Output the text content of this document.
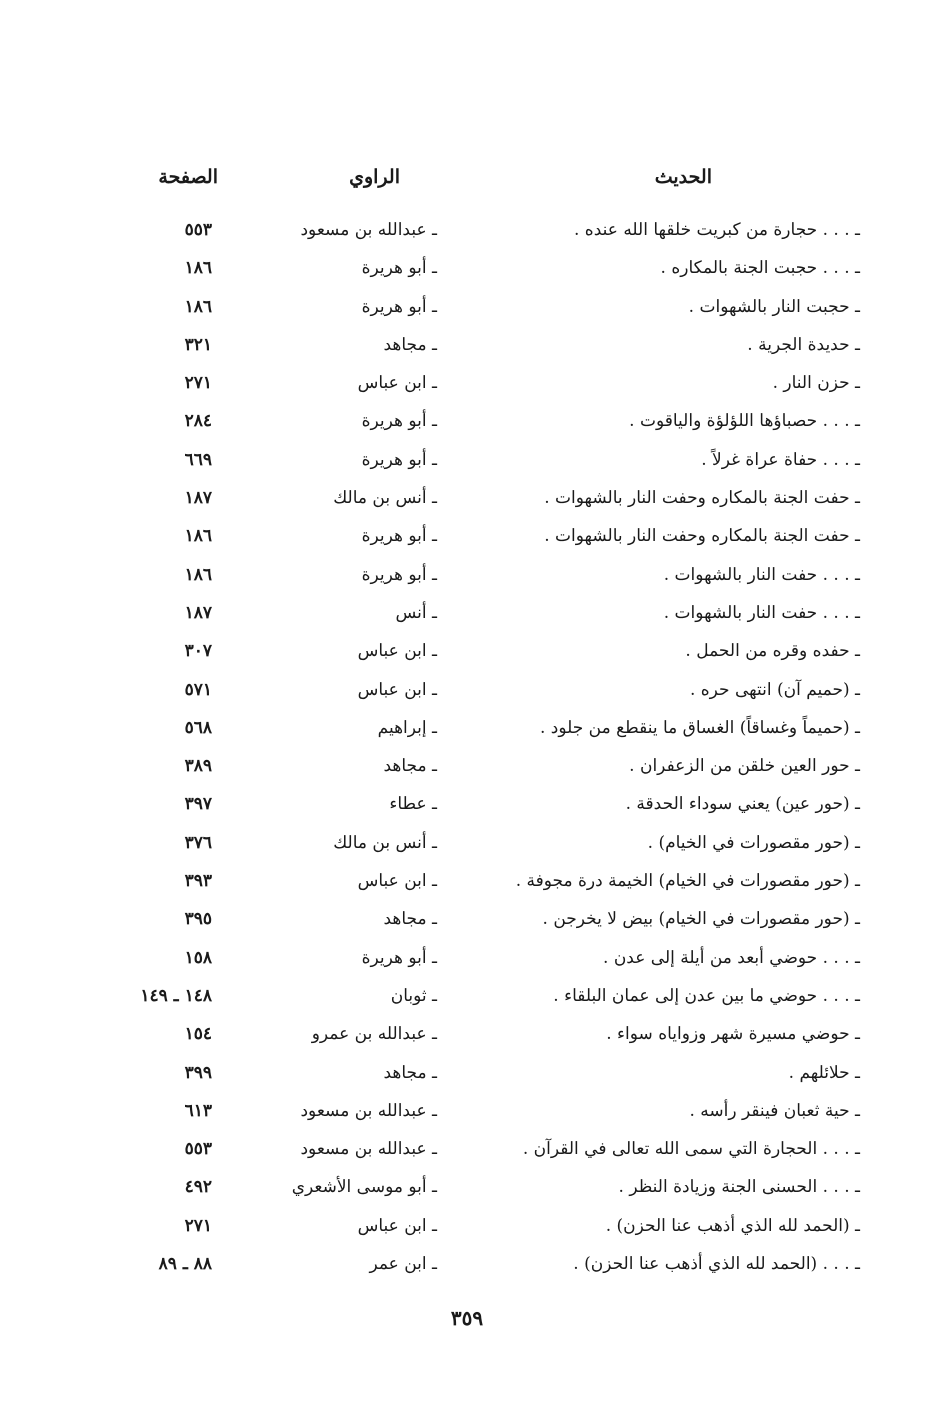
الحديث
الراوي
الصفحة
ـ . . . حجارة من كبريت خلقها الله عنده .
ـ عبدالله بن مسعود
٥٥٣
ـ . . . حجبت الجنة بالمكاره .
ـ أبو هريرة
١٨٦
ـ حجبت النار بالشهوات .
ـ أبو هريرة
١٨٦
ـ حديدة الجرية .
ـ مجاهد
٣٢١
ـ حزن النار .
ـ ابن عباس
٢٧١
ـ . . . حصباؤها اللؤلؤة والياقوت .
ـ أبو هريرة
٢٨٤
ـ . . . حفاة عراة غرلاً .
ـ أبو هريرة
٦٦٩
ـ حفت الجنة بالمكاره وحفت النار بالشهوات .
ـ أنس بن مالك
١٨٧
ـ حفت الجنة بالمكاره وحفت النار بالشهوات .
ـ أبو هريرة
١٨٦
ـ . . . حفت النار بالشهوات .
ـ أبو هريرة
١٨٦
ـ . . . حفت النار بالشهوات .
ـ أنس
١٨٧
ـ حفده وقره من الحمل .
ـ ابن عباس
٣٠٧
ـ (حميم آن) انتهى حره .
ـ ابن عباس
٥٧١
ـ (حميماً وغساقاً) الغساق ما ينقطع من جلود .
ـ إبراهيم
٥٦٨
ـ حور العين خلقن من الزعفران .
ـ مجاهد
٣٨٩
ـ (حور عين) يعني سوداء الحدقة .
ـ عطاء
٣٩٧
ـ (حور مقصورات في الخيام) .
ـ أنس بن مالك
٣٧٦
ـ (حور مقصورات في الخيام) الخيمة درة مجوفة .
ـ ابن عباس
٣٩٣
ـ (حور مقصورات في الخيام) بيض لا يخرجن .
ـ مجاهد
٣٩٥
ـ . . . حوضي أبعد من أيلة إلى عدن .
ـ أبو هريرة
١٥٨
ـ . . . حوضي ما بين عدن إلى عمان البلقاء .
ـ ثوبان
١٤٨ ـ ١٤٩
ـ حوضي مسيرة شهر وزواياه سواء .
ـ عبدالله بن عمرو
١٥٤
ـ حلائلهم .
ـ مجاهد
٣٩٩
ـ حية ثعبان فينقر رأسه .
ـ عبدالله بن مسعود
٦١٣
ـ . . . الحجارة التي سمى الله تعالى في القرآن .
ـ عبدالله بن مسعود
٥٥٣
ـ . . . الحسنى الجنة وزيادة النظر .
ـ أبو موسى الأشعري
٤٩٢
ـ (الحمد لله الذي أذهب عنا الحزن) .
ـ ابن عباس
٢٧١
ـ . . . (الحمد لله الذي أذهب عنا الحزن) .
ـ ابن عمر
٨٨ ـ ٨٩
٣٥٩
